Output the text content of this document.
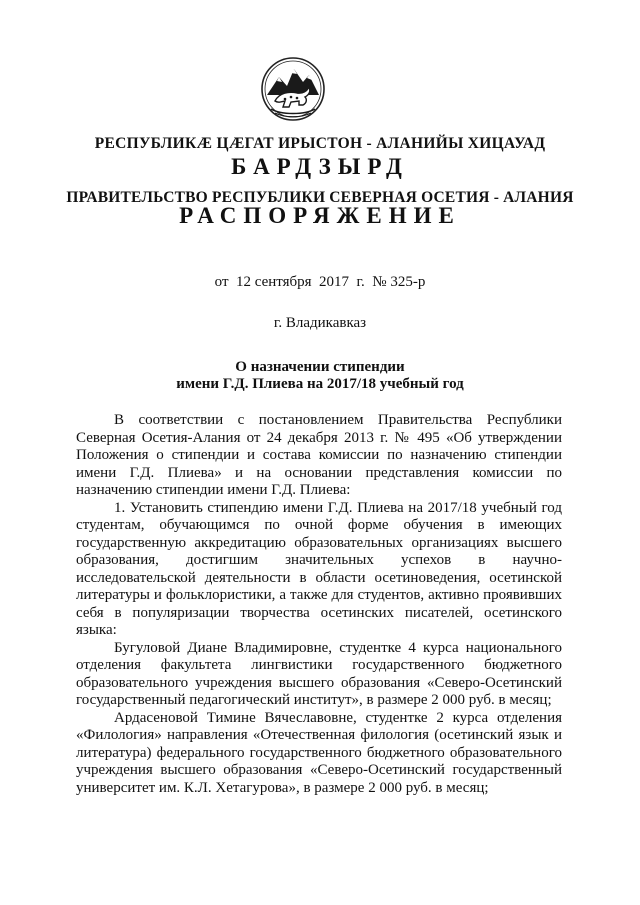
РЕСПУБЛИКӔ ЦӔГАТ ИРЫСТОН - АЛАНИЙЫ ХИЦАУАД
БАРДЗЫРД
ПРАВИТЕЛЬСТВО РЕСПУБЛИКИ СЕВЕРНАЯ ОСЕТИЯ - АЛАНИЯ
РАСПОРЯЖЕНИЕ
от  12 сентября  2017  г.  № 325-р
г. Владикавказ
О назначении стипендии
имени Г.Д. Плиева на 2017/18 учебный год

В соответствии с постановлением Правительства Республики Северная Осетия-Алания от 24 декабря 2013 г. № 495 «Об утверждении Положения о стипендии и состава комиссии по назначению стипендии имени Г.Д. Плиева» и на основании представления комиссии по назначению стипендии имени Г.Д. Плиева:

1. Установить стипендию имени Г.Д. Плиева на 2017/18 учебный год студентам, обучающимся по очной форме обучения в имеющих государственную аккредитацию образовательных организациях высшего образования, достигшим значительных успехов в научно-исследовательской деятельности в области осетиноведения, осетинской литературы и фольклористики, а также для студентов, активно проявивших себя в популяризации творчества осетинских писателей, осетинского языка:

Бугуловой Диане Владимировне, студентке 4 курса национального отделения факультета лингвистики государственного бюджетного образовательного учреждения высшего образования «Северо-Осетинский государственный педагогический институт», в размере 2 000 руб. в месяц;

Ардасеновой Тимине Вячеславовне, студентке 2 курса отделения «Филология» направления «Отечественная филология (осетинский язык и литература) федерального государственного бюджетного образовательного учреждения высшего образования «Северо-Осетинский государственный университет им. К.Л. Хетагурова», в размере 2 000 руб. в месяц;
